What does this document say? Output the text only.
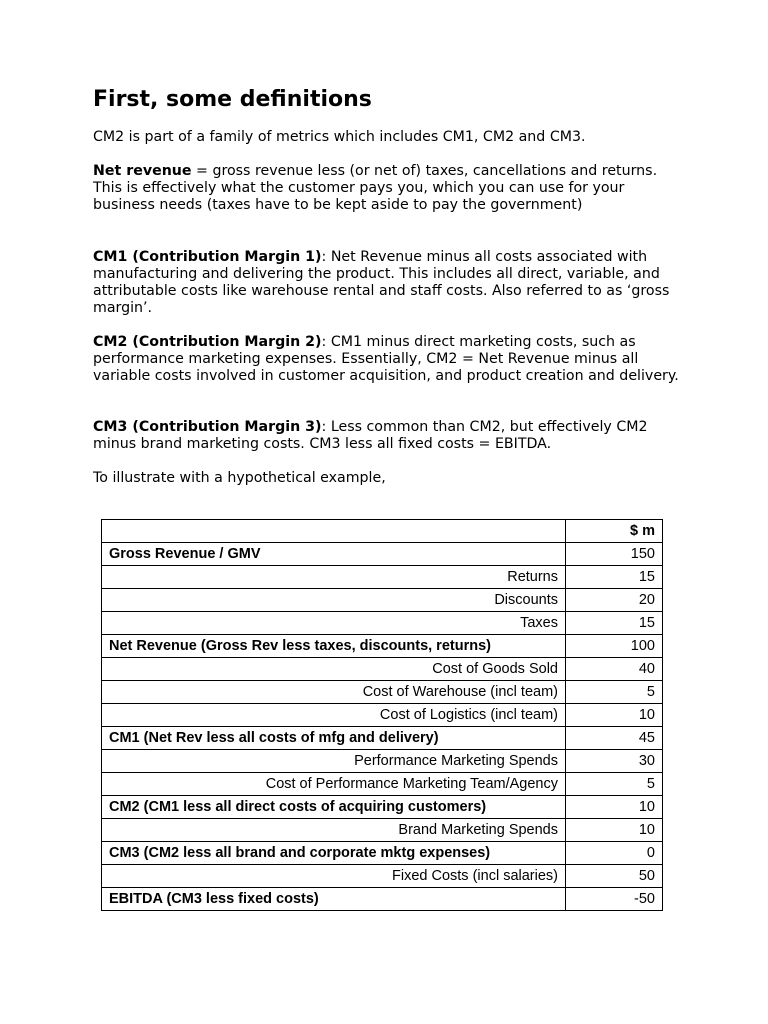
First, some definitions

CM2 is part of a family of metrics which includes CM1, CM2 and CM3.

Net revenue = gross revenue less (or net of) taxes, cancellations and returns. This is effectively what the customer pays you, which you can use for your business needs (taxes have to be kept aside to pay the government)

CM1 (Contribution Margin 1): Net Revenue minus all costs associated with manufacturing and delivering the product. This includes all direct, variable, and attributable costs like warehouse rental and staff costs. Also referred to as ‘gross margin’.

CM2 (Contribution Margin 2): CM1 minus direct marketing costs, such as performance marketing expenses. Essentially, CM2 = Net Revenue minus all variable costs involved in customer acquisition, and product creation and delivery.

CM3 (Contribution Margin 3): Less common than CM2, but effectively CM2 minus brand marketing costs. CM3 less all fixed costs = EBITDA.

To illustrate with a hypothetical example,

	$ m
Gross Revenue / GMV	150
Returns	15
Discounts	20
Taxes	15
Net Revenue (Gross Rev less taxes, discounts, returns)	100
Cost of Goods Sold	40
Cost of Warehouse (incl team)	5
Cost of Logistics (incl team)	10
CM1 (Net Rev less all costs of mfg and delivery)	45
Performance Marketing Spends	30
Cost of Performance Marketing Team/Agency	5
CM2 (CM1 less all direct costs of acquiring customers)	10
Brand Marketing Spends	10
CM3 (CM2 less all brand and corporate mktg expenses)	0
Fixed Costs (incl salaries)	50
EBITDA (CM3 less fixed costs)	-50
